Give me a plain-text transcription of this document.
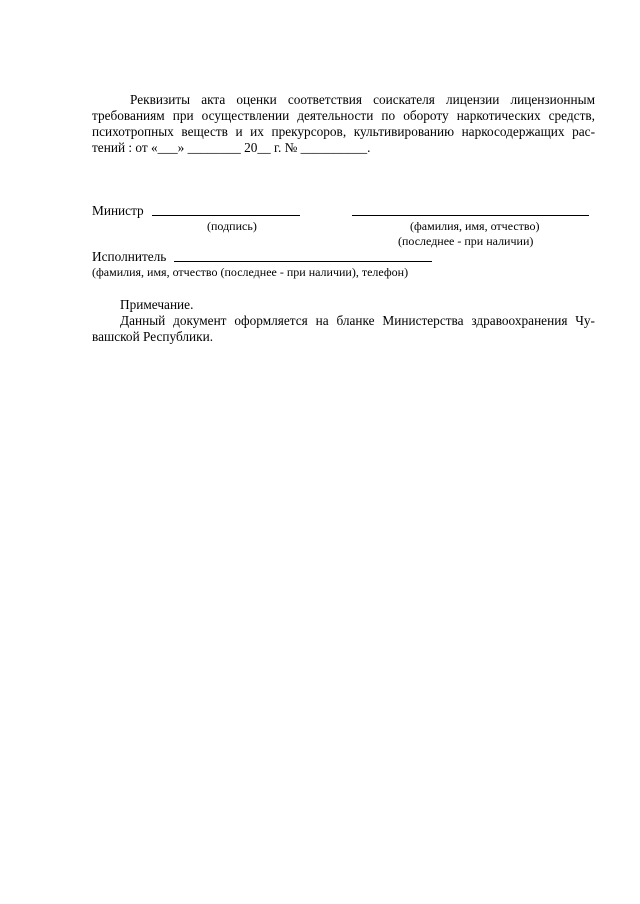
Реквизиты акта оценки соответствия соискателя лицензии лицензионным
требованиям при осуществлении деятельности по обороту наркотических средств,
психотропных веществ и их прекурсоров, культивированию наркосодержащих рас-
тений : от «___» ________ 20__ г. № __________.
Министр
(подпись)	(фамилия, имя, отчество)
(последнее - при наличии)
Исполнитель
(фамилия, имя, отчество (последнее - при наличии), телефон)
Примечание.
Данный документ оформляется на бланке Министерства здравоохранения Чу-
вашской Республики.
